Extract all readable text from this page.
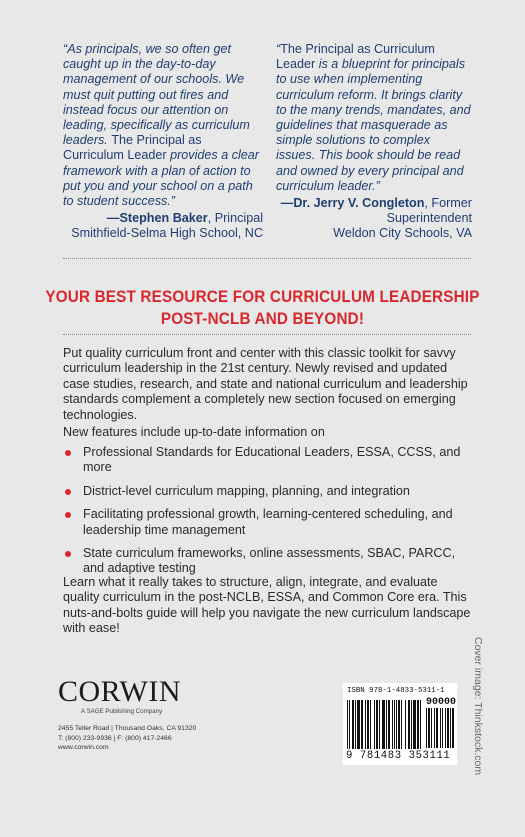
“As principals, we so often get caught up in the day-to-day management of our schools. We must quit putting out fires and instead focus our attention on leading, specifically as curriculum leaders. The Principal as Curriculum Leader provides a clear framework with a plan of action to put you and your school on a path to student success.”
—Stephen Baker, Principal
Smithfield-Selma High School, NC
“The Principal as Curriculum Leader is a blueprint for principals to use when implementing curriculum reform. It brings clarity to the many trends, mandates, and guidelines that masquerade as simple solutions to complex issues. This book should be read and owned by every principal and curriculum leader.”
—Dr. Jerry V. Congleton, Former
Superintendent
Weldon City Schools, VA
YOUR BEST RESOURCE FOR CURRICULUM LEADERSHIP
POST-NCLB AND BEYOND!
Put quality curriculum front and center with this classic toolkit for savvy curriculum leadership in the 21st century. Newly revised and updated case studies, research, and state and national curriculum and leadership standards complement a completely new section focused on emerging technologies.
New features include up-to-date information on
Professional Standards for Educational Leaders, ESSA, CCSS, and more
District-level curriculum mapping, planning, and integration
Facilitating professional growth, learning-centered scheduling, and leadership time management
State curriculum frameworks, online assessments, SBAC, PARCC, and adaptive testing
Learn what it really takes to structure, align, integrate, and evaluate quality curriculum in the post-NCLB, ESSA, and Common Core era. This nuts-and-bolts guide will help you navigate the new curriculum landscape with ease!
Cover image: Thinkstock.com
CORWIN
A SAGE Publishing Company
2455 Teller Road | Thousand Oaks, CA 91320
T: (800) 233-9936 | F: (800) 417-2466
www.corwin.com
ISBN 978-1-4833-5311-1
90000
9 781483 353111
